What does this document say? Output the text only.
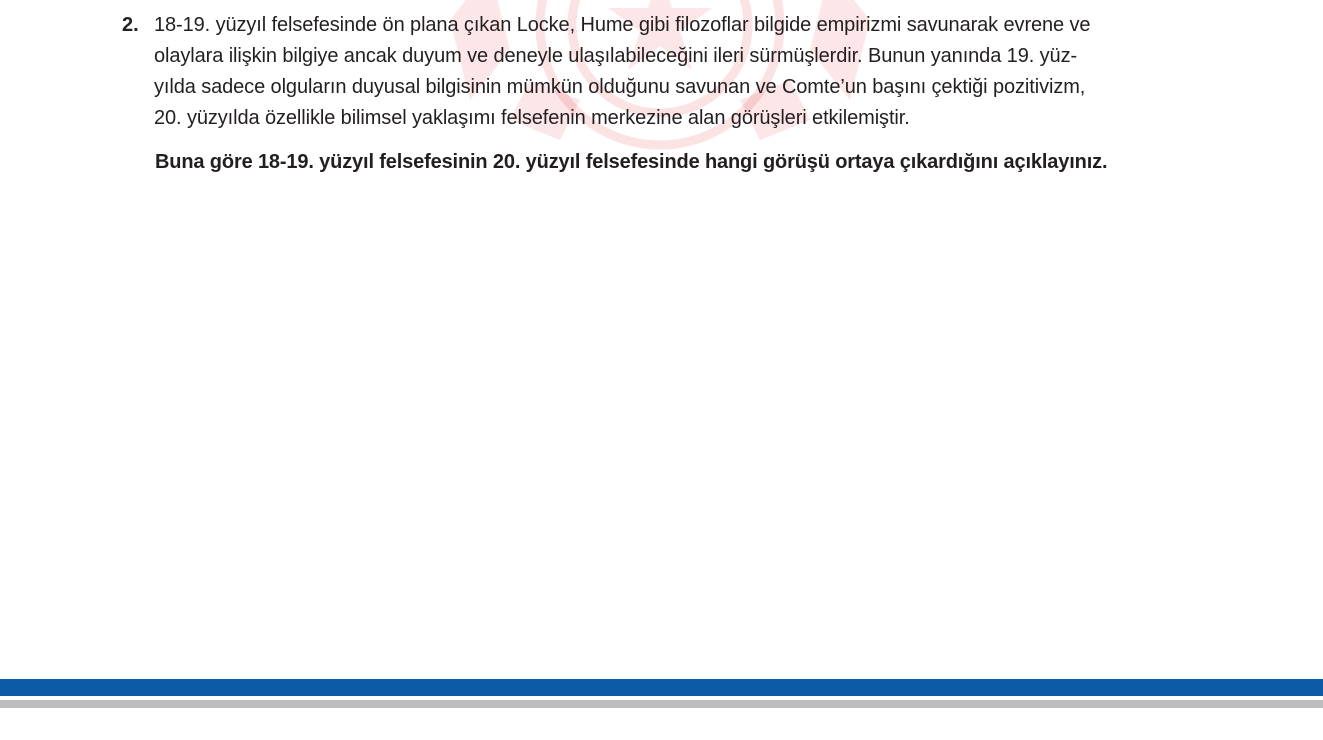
2. 18-19. yüzyıl felsefesinde ön plana çıkan Locke, Hume gibi filozoflar bilgide empirizmi savunarak evrene ve
olaylara ilişkin bilgiye ancak duyum ve deneyle ulaşılabileceğini ileri sürmüşlerdir. Bunun yanında 19. yüz-
yılda sadece olguların duyusal bilgisinin mümkün olduğunu savunan ve Comte’un başını çektiği pozitivizm,
20. yüzyılda özellikle bilimsel yaklaşımı felsefenin merkezine alan görüşleri etkilemiştir.
Buna göre 18-19. yüzyıl felsefesinin 20. yüzyıl felsefesinde hangi görüşü ortaya çıkardığını açıklayınız.
